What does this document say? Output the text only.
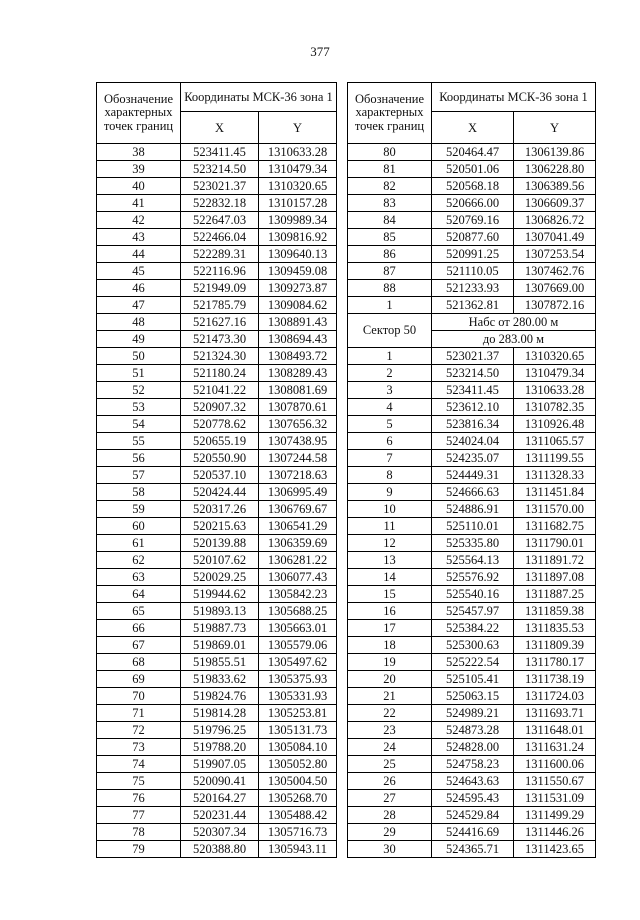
377
Обозначение характерных точек границ	Координаты МСК-36 зона 1	
	X	Y
38	523411.45	1310633.28
39	523214.50	1310479.34
40	523021.37	1310320.65
41	522832.18	1310157.28
42	522647.03	1309989.34
43	522466.04	1309816.92
44	522289.31	1309640.13
45	522116.96	1309459.08
46	521949.09	1309273.87
47	521785.79	1309084.62
48	521627.16	1308891.43
49	521473.30	1308694.43
50	521324.30	1308493.72
51	521180.24	1308289.43
52	521041.22	1308081.69
53	520907.32	1307870.61
54	520778.62	1307656.32
55	520655.19	1307438.95
56	520550.90	1307244.58
57	520537.10	1307218.63
58	520424.44	1306995.49
59	520317.26	1306769.67
60	520215.63	1306541.29
61	520139.88	1306359.69
62	520107.62	1306281.22
63	520029.25	1306077.43
64	519944.62	1305842.23
65	519893.13	1305688.25
66	519887.73	1305663.01
67	519869.01	1305579.06
68	519855.51	1305497.62
69	519833.62	1305375.93
70	519824.76	1305331.93
71	519814.28	1305253.81
72	519796.25	1305131.73
73	519788.20	1305084.10
74	519907.05	1305052.80
75	520090.41	1305004.50
76	520164.27	1305268.70
77	520231.44	1305488.42
78	520307.34	1305716.73
79	520388.80	1305943.11
Обозначение характерных точек границ	Координаты МСК-36 зона 1	
	X	Y
80	520464.47	1306139.86
81	520501.06	1306228.80
82	520568.18	1306389.56
83	520666.00	1306609.37
84	520769.16	1306826.72
85	520877.60	1307041.49
86	520991.25	1307253.54
87	521110.05	1307462.76
88	521233.93	1307669.00
1	521362.81	1307872.16
Сектор 50	Набс от 280.00 м	
	до 283.00 м	
1	523021.37	1310320.65
2	523214.50	1310479.34
3	523411.45	1310633.28
4	523612.10	1310782.35
5	523816.34	1310926.48
6	524024.04	1311065.57
7	524235.07	1311199.55
8	524449.31	1311328.33
9	524666.63	1311451.84
10	524886.91	1311570.00
11	525110.01	1311682.75
12	525335.80	1311790.01
13	525564.13	1311891.72
14	525576.92	1311897.08
15	525540.16	1311887.25
16	525457.97	1311859.38
17	525384.22	1311835.53
18	525300.63	1311809.39
19	525222.54	1311780.17
20	525105.41	1311738.19
21	525063.15	1311724.03
22	524989.21	1311693.71
23	524873.28	1311648.01
24	524828.00	1311631.24
25	524758.23	1311600.06
26	524643.63	1311550.67
27	524595.43	1311531.09
28	524529.84	1311499.29
29	524416.69	1311446.26
30	524365.71	1311423.65
